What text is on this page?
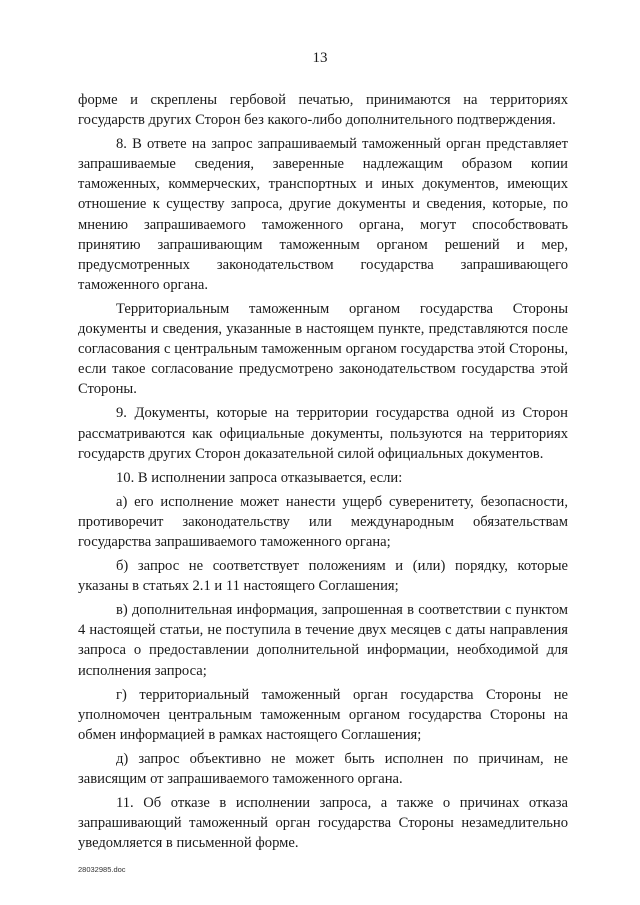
13

форме и скреплены гербовой печатью, принимаются на территориях государств других Сторон без какого-либо дополнительного подтверждения.

8. В ответе на запрос запрашиваемый таможенный орган представляет запрашиваемые сведения, заверенные надлежащим образом копии таможенных, коммерческих, транспортных и иных документов, имеющих отношение к существу запроса, другие документы и сведения, которые, по мнению запрашиваемого таможенного органа, могут способствовать принятию запрашивающим таможенным органом решений и мер, предусмотренных законодательством государства запрашивающего таможенного органа.

Территориальным таможенным органом государства Стороны документы и сведения, указанные в настоящем пункте, представляются после согласования с центральным таможенным органом государства этой Стороны, если такое согласование предусмотрено законодательством государства этой Стороны.

9. Документы, которые на территории государства одной из Сторон рассматриваются как официальные документы, пользуются на территориях государств других Сторон доказательной силой официальных документов.

10. В исполнении запроса отказывается, если:

а) его исполнение может нанести ущерб суверенитету, безопасности, противоречит законодательству или международным обязательствам государства запрашиваемого таможенного органа;

б) запрос не соответствует положениям и (или) порядку, которые указаны в статьях 2.1 и 11 настоящего Соглашения;

в) дополнительная информация, запрошенная в соответствии с пунктом 4 настоящей статьи, не поступила в течение двух месяцев с даты направления запроса о предоставлении дополнительной информации, необходимой для исполнения запроса;

г) территориальный таможенный орган государства Стороны не уполномочен центральным таможенным органом государства Стороны на обмен информацией в рамках настоящего Соглашения;

д) запрос объективно не может быть исполнен по причинам, не зависящим от запрашиваемого таможенного органа.

11. Об отказе в исполнении запроса, а также о причинах отказа запрашивающий таможенный орган государства Стороны незамедлительно уведомляется в письменной форме.

28032985.doc
